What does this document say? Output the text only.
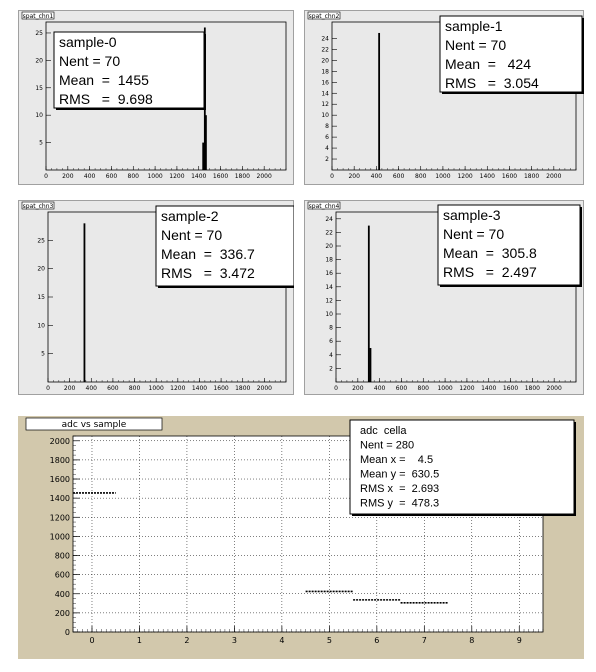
spat_chn1
0 200 400 600 800 1000 1200 1400 1600 1800 2000
5
10
15
20
25
sample-0
Nent = 70
Mean  =  1455
RMS   =  9.698
spat_chn2
0 200 400 600 800 1000 1200 1400 1600 1800 2000
2
4
6
8
10
12
14
16
18
20
22
24
sample-1
Nent = 70
Mean  =   424
RMS   =  3.054
spat_chn3
0 200 400 600 800 1000 1200 1400 1600 1800 2000
5
10
15
20
25
sample-2
Nent = 70
Mean  =  336.7
RMS   =  3.472
spat_chn4
0 200 400 600 800 1000 1200 1400 1600 1800 2000
2
4
6
8
10
12
14
16
18
20
22
24	sample-3
Nent = 70
Mean  =  305.8
RMS   =  2.497
adc vs sample
0	1	2	3	4	5	6	7	8	9
0
200
400
600
800
1000
1200
1400
1600
1800
2000
adc  cella
Nent = 280
Mean x =    4.5
Mean y =  630.5
RMS x  =  2.693
RMS y  =  478.3
